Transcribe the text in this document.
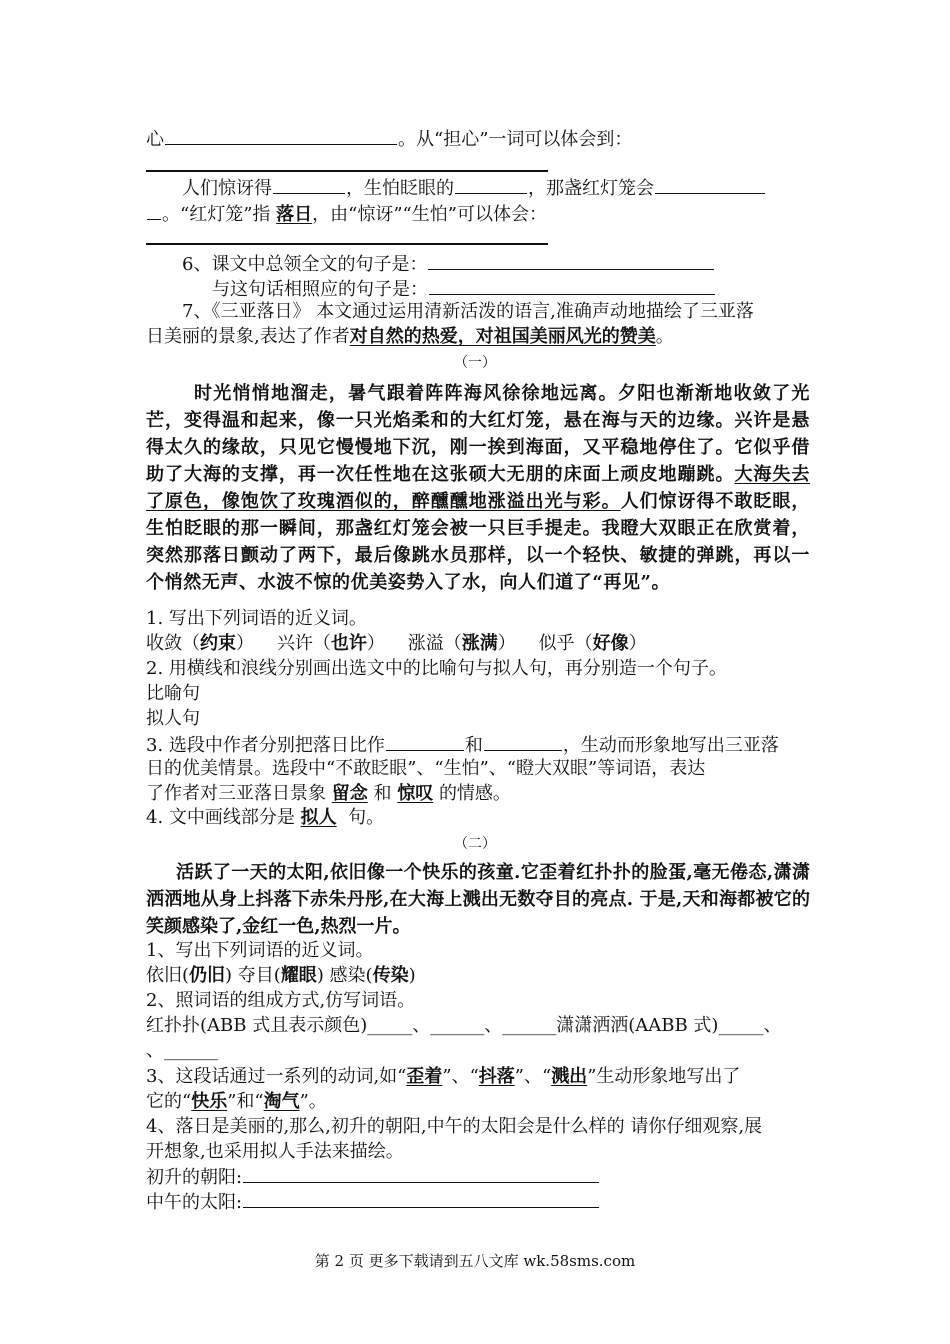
心	。从“担心”一词可以体会到：
人们惊讶得	，生怕眨眼的	，那盏红灯笼会
。“红灯笼”指 落日，由“惊讶”“生怕”可以体会：
6、课文中总领全文的句子是：
与这句话相照应的句子是：
7、《三亚落日》 本文通过运用清新活泼的语言,准确声动地描绘了三亚落
日美丽的景象,表达了作者对自然的热爱，对祖国美丽风光的赞美。
（一）
时光悄悄地溜走，暑气跟着阵阵海风徐徐地远离。夕阳也渐渐地收敛了光芒，变得温和起来，像一只光焰柔和的大红灯笼，悬在海与天的边缘。兴许是悬得太久的缘故，只见它慢慢地下沉，刚一挨到海面，又平稳地停住了。它似乎借助了大海的支撑，再一次任性地在这张硕大无朋的床面上顽皮地蹦跳。大海失去了原色，像饱饮了玫瑰酒似的，醉醺醺地涨溢出光与彩。人们惊讶得不敢眨眼，生怕眨眼的那一瞬间，那盏红灯笼会被一只巨手提走。我瞪大双眼正在欣赏着，突然那落日颤动了两下，最后像跳水员那样，以一个轻快、敏捷的弹跳，再以一个悄然无声、水波不惊的优美姿势入了水，向人们道了“再见”。
1. 写出下列词语的近义词。
收敛（约束） 兴许（也许） 涨溢（涨满） 似乎（好像）
2. 用横线和浪线分别画出选文中的比喻句与拟人句，再分别造一个句子。
比喻句
拟人句
3. 选段中作者分别把落日比作	和	，生动而形象地写出三亚落
日的优美情景。选段中“不敢眨眼”、“生怕”、“瞪大双眼”等词语，表达
了作者对三亚落日景象 留念 和 惊叹 的情感。
4. 文中画线部分是 拟人 句。
（二）
活跃了一天的太阳,依旧像一个快乐的孩童.它歪着红扑扑的脸蛋,毫无倦态,潇潇洒洒地从身上抖落下赤朱丹彤,在大海上溅出无数夺目的亮点. 于是,天和海都被它的笑颜感染了,金红一色,热烈一片。
1、写出下列词语的近义词。
依旧(仍旧) 夺目(耀眼) 感染(传染)
2、照词语的组成方式,仿写词语。
红扑扑(ABB 式且表示颜色)_____、______、______潇潇洒洒(AABB 式)_____、
、______
3、这段话通过一系列的动词,如“歪着”、“抖落”、“溅出”生动形象地写出了
它的“快乐”和“淘气”。
4、落日是美丽的,那么,初升的朝阳,中午的太阳会是什么样的 请你仔细观察,展
开想象,也采用拟人手法来描绘。
初升的朝阳:
中午的太阳:
第 2 页 更多下载请到五八文库 wk.58sms.com
